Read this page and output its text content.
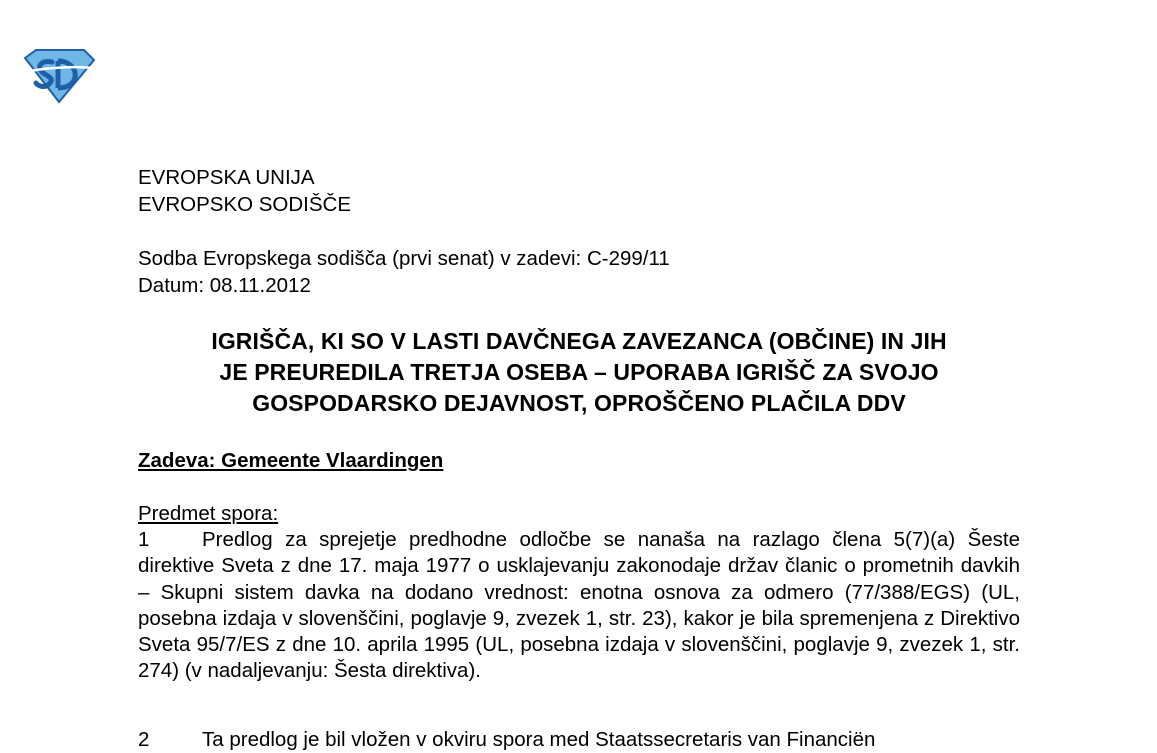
EVROPSKA UNIJA
EVROPSKO SODIŠČE
Sodba Evropskega sodišča (prvi senat) v zadevi: C-299/11
Datum: 08.11.2012
IGRIŠČA, KI SO V LASTI DAVČNEGA ZAVEZANCA (OBČINE) IN JIH
JE PREUREDILA TRETJA OSEBA – UPORABA IGRIŠČ ZA SVOJO
GOSPODARSKO DEJAVNOST, OPROŠČENO PLAČILA DDV
Zadeva: Gemeente Vlaardingen
Predmet spora:
1	Predlog za sprejetje predhodne odločbe se nanaša na razlago člena 5(7)(a) Šeste direktive Sveta z dne 17. maja 1977 o usklajevanju zakonodaje držav članic o prometnih davkih – Skupni sistem davka na dodano vrednost: enotna osnova za odmero (77/388/EGS) (UL, posebna izdaja v slovenščini, poglavje 9, zvezek 1, str. 23), kakor je bila spremenjena z Direktivo Sveta 95/7/ES z dne 10. aprila 1995 (UL, posebna izdaja v slovenščini, poglavje 9, zvezek 1, str. 274) (v nadaljevanju: Šesta direktiva).
2	Ta predlog je bil vložen v okviru spora med Staatssecretaris van Financiën
